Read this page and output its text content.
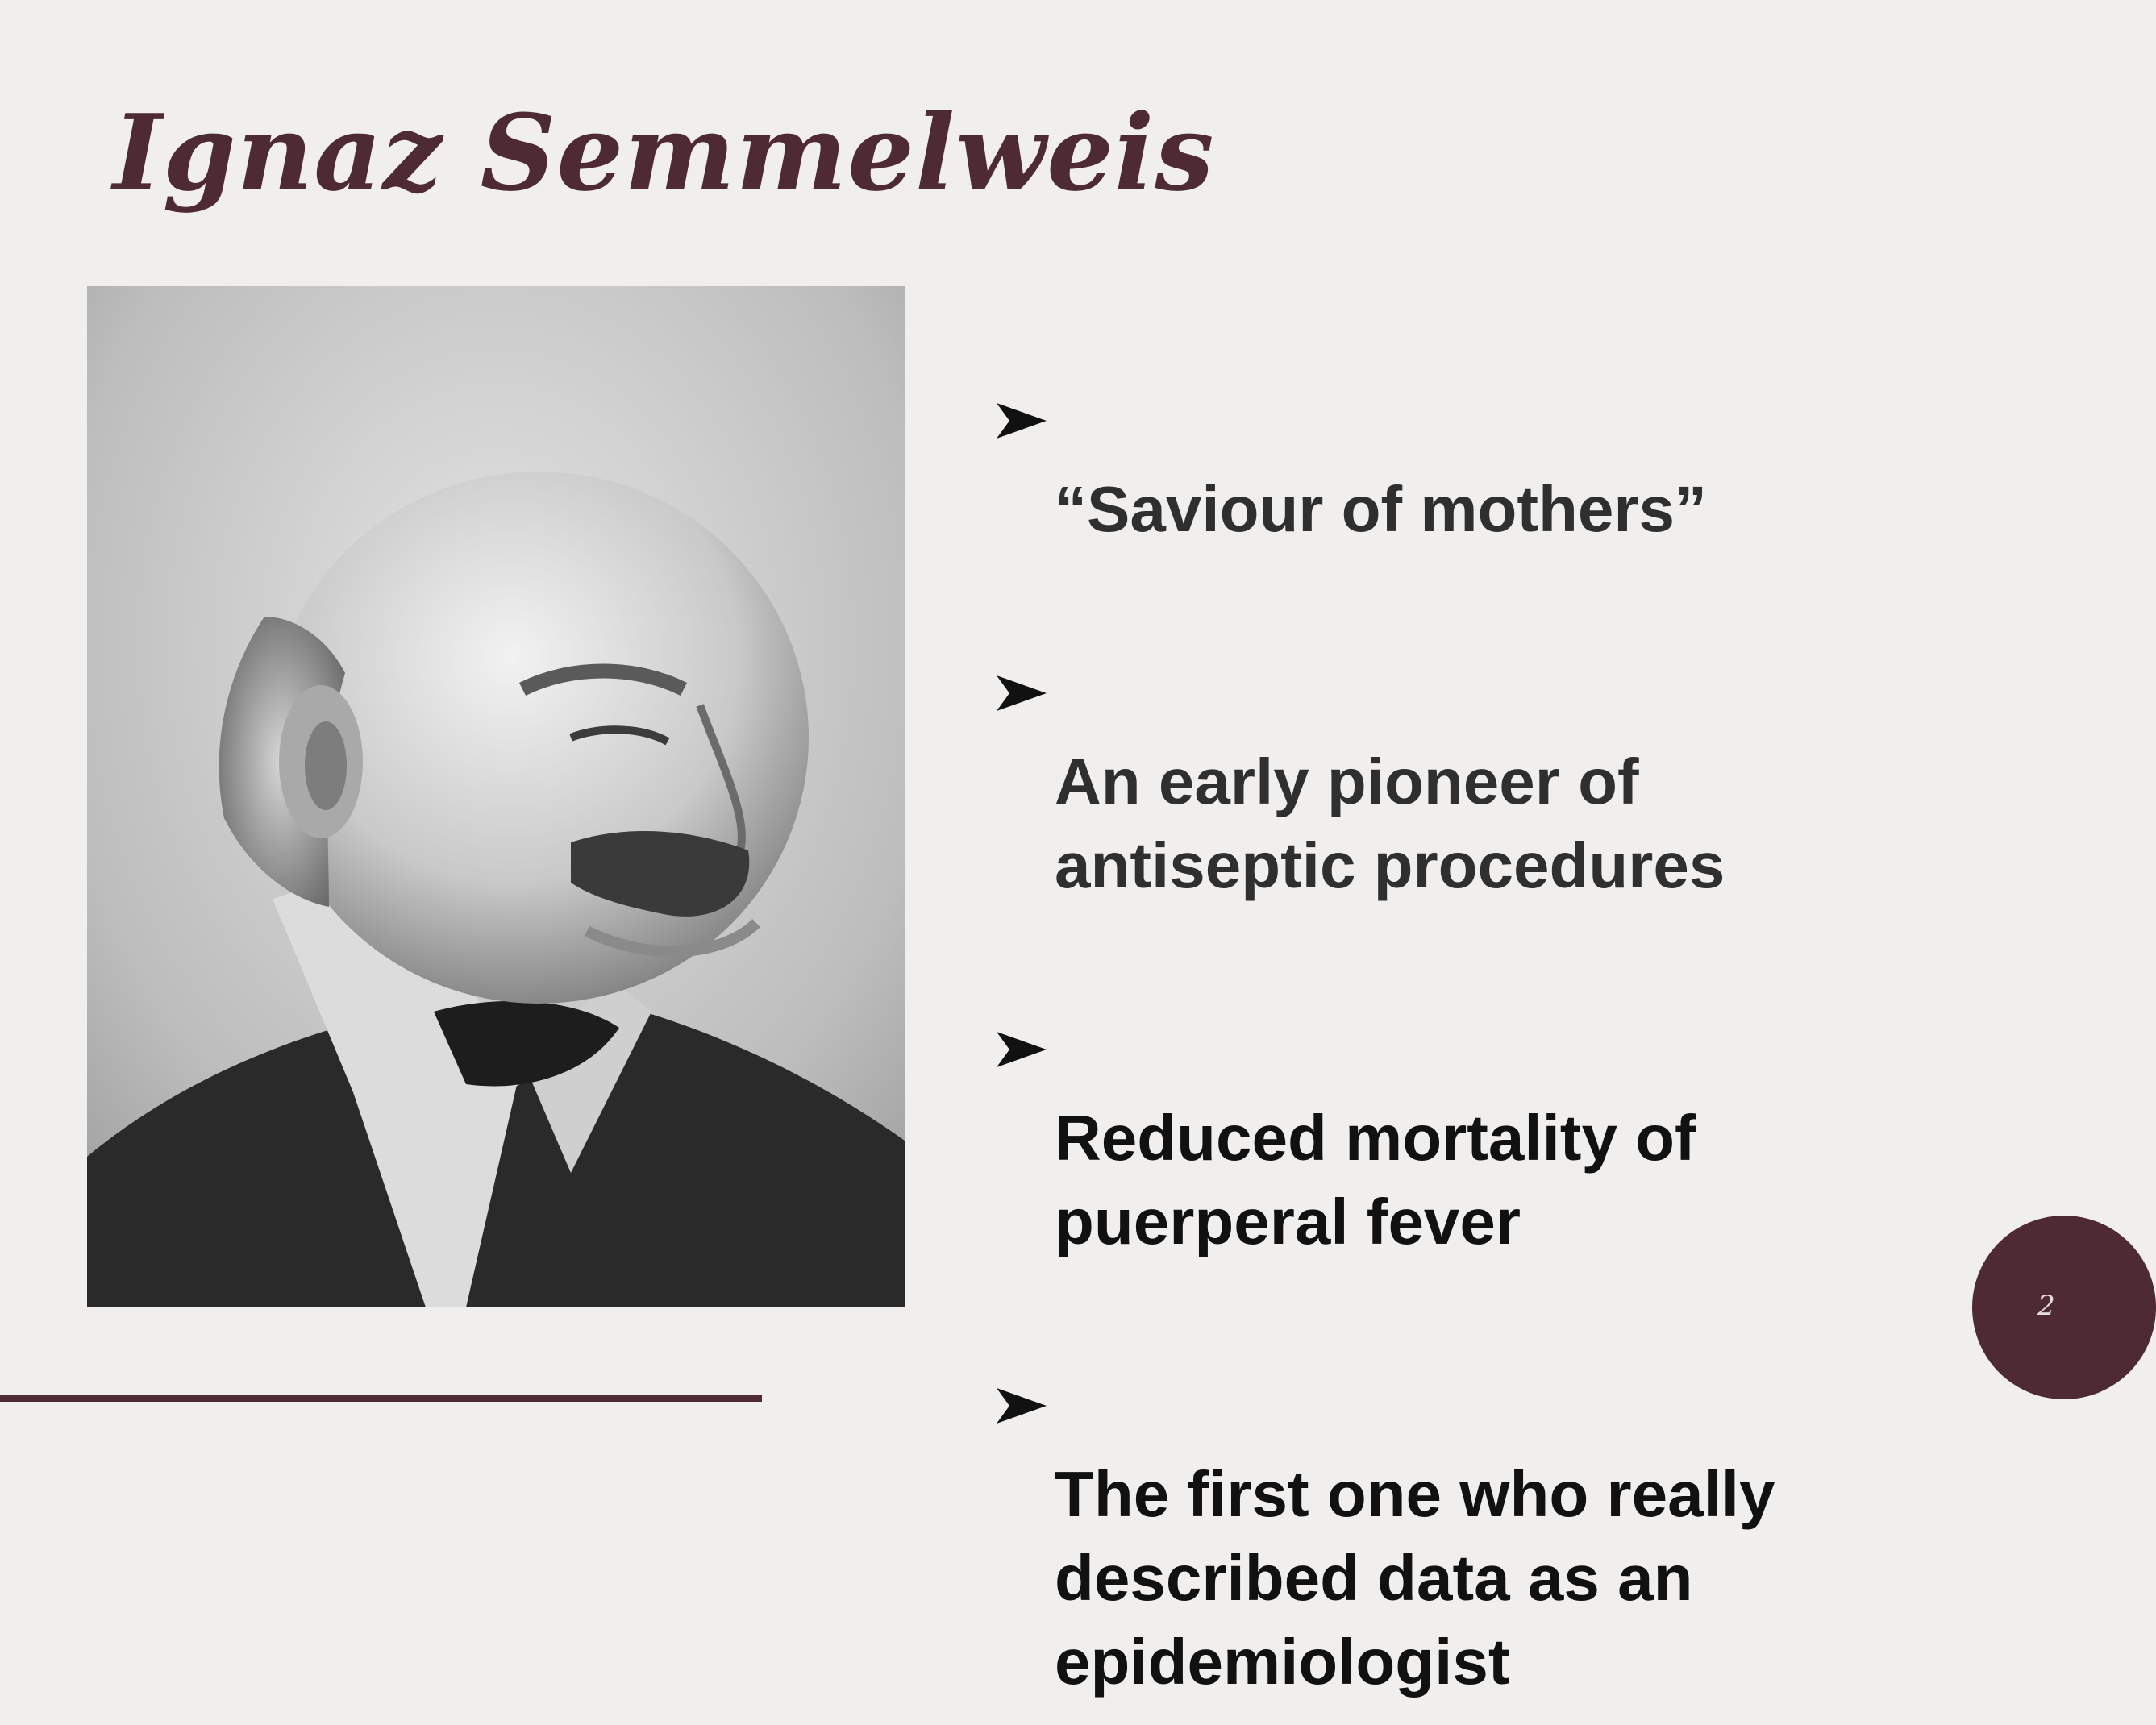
Ignaz Semmelweis

“Saviour of mothers”

An early pioneer of
antiseptic procedures

Reduced mortality of
puerperal fever

The first one who really
described data as an
epidemiologist

2
